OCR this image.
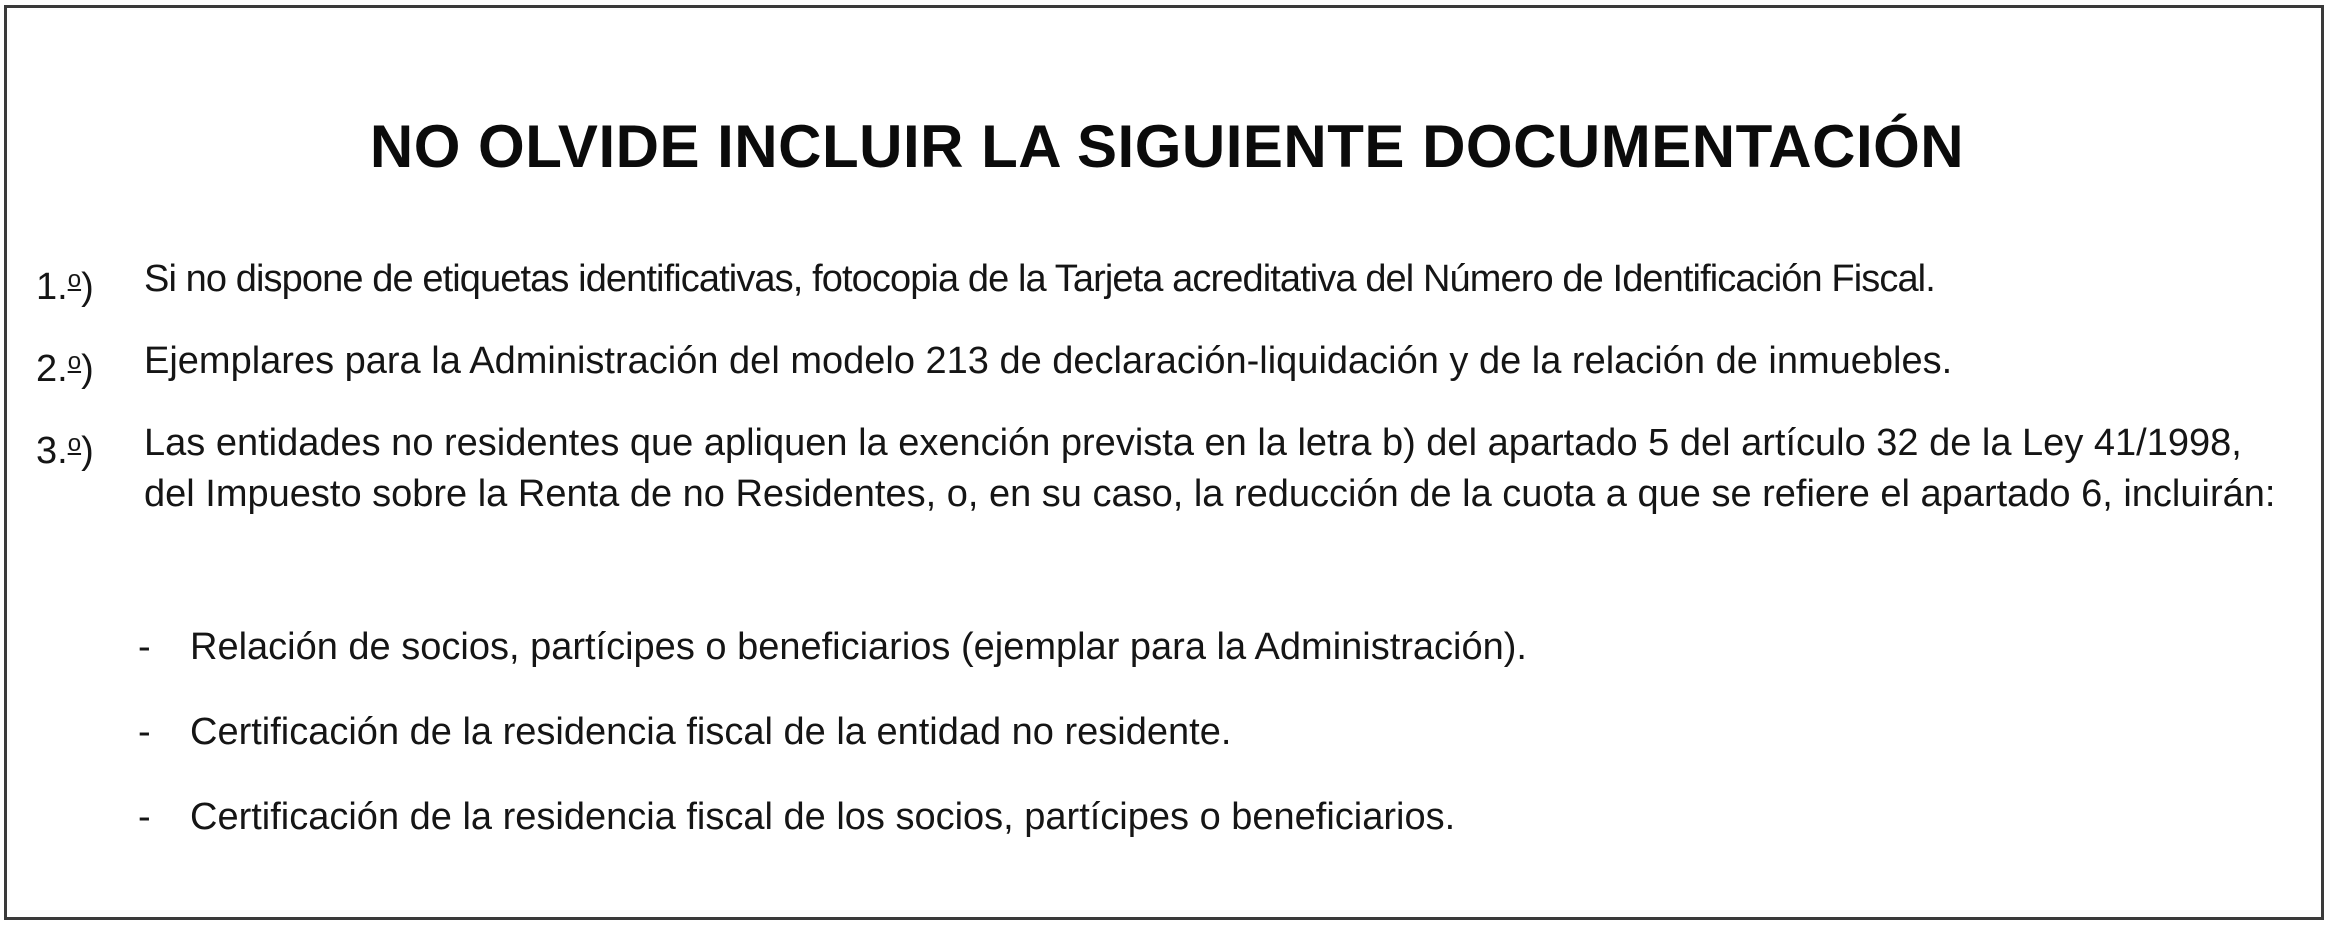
NO OLVIDE INCLUIR LA SIGUIENTE DOCUMENTACIÓN
1.$^o$)	Si no dispone de etiquetas identificativas, fotocopia de la Tarjeta acreditativa del Número de Identificación Fiscal.
2.$^o$)	Ejemplares para la Administración del modelo 213 de declaración-liquidación y de la relación de inmuebles.
3.$^o$)	Las entidades no residentes que apliquen la exención prevista en la letra b) del apartado 5 del artículo 32 de la Ley 41/1998, del Impuesto sobre la Renta de no Residentes, o, en su caso, la reducción de la cuota a que se refiere el apartado 6, incluirán:
- Relación de socios, partícipes o beneficiarios (ejemplar para la Administración).
- Certificación de la residencia fiscal de la entidad no residente.
- Certificación de la residencia fiscal de los socios, partícipes o beneficiarios.
